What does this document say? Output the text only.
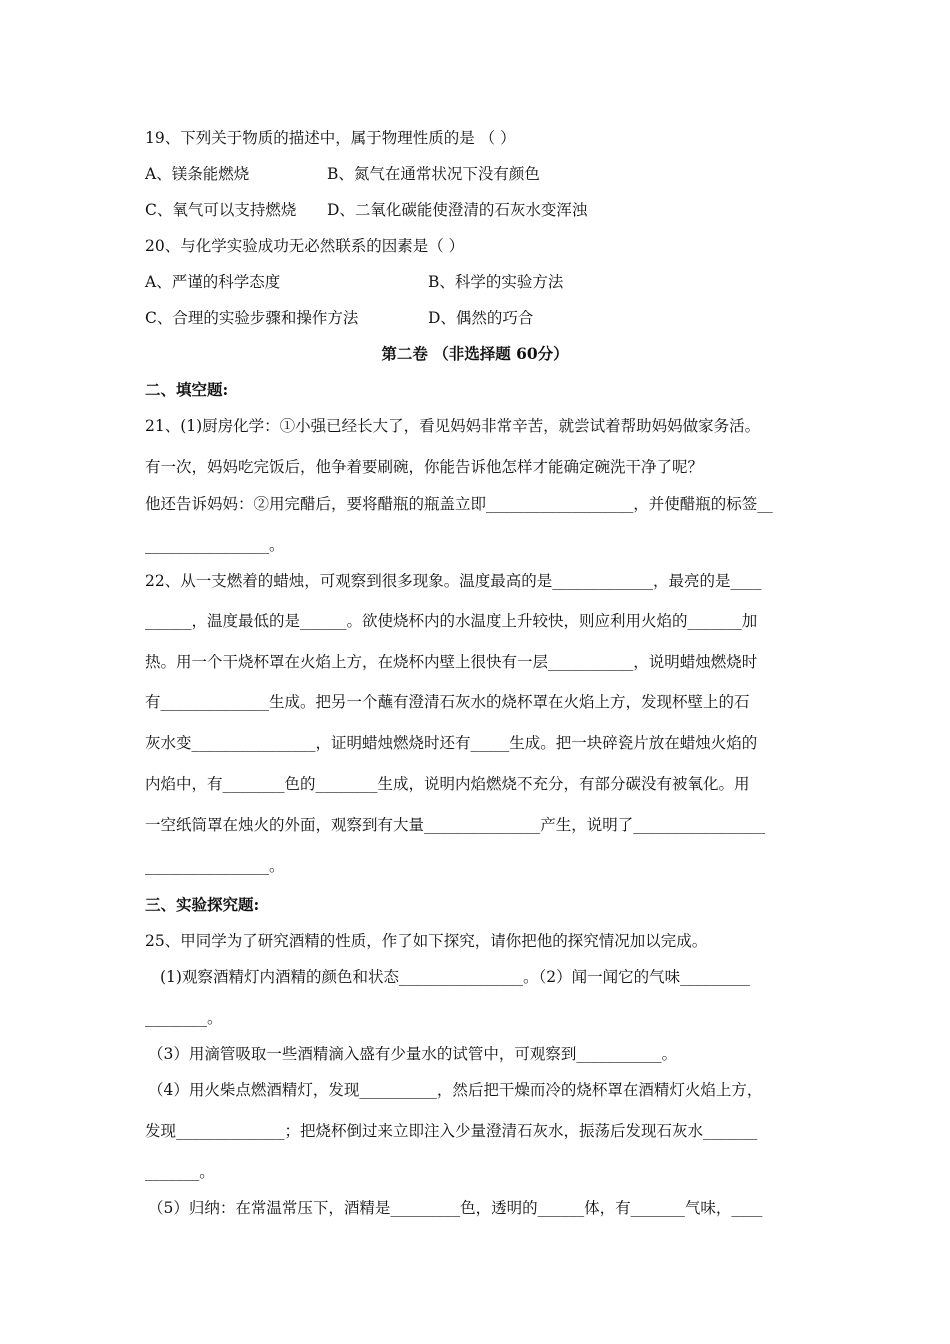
19、下列关于物质的描述中，属于物理性质的是 （ ）
A、镁条能燃烧	B、氮气在通常状况下没有颜色
C、氧气可以支持燃烧 D、二氧化碳能使澄清的石灰水变浑浊
20、与化学实验成功无必然联系的因素是（ ）
A、严谨的科学态度	B、科学的实验方法
C、合理的实验步骤和操作方法	D、偶然的巧合
第二卷 （非选择题 60分）
二、填空题:
21、(1)厨房化学：①小强已经长大了，看见妈妈非常辛苦，就尝试着帮助妈妈做家务活。
有一次，妈妈吃完饭后，他争着要刷碗，你能告诉他怎样才能确定碗洗干净了呢？
他还告诉妈妈：②用完醋后，要将醋瓶的瓶盖立即___________________，并使醋瓶的标签__
________________。
22、从一支燃着的蜡烛，可观察到很多现象。温度最高的是_____________，最亮的是____
______，温度最低的是______。欲使烧杯内的水温度上升较快，则应利用火焰的_______加
热。用一个干烧杯罩在火焰上方，在烧杯内壁上很快有一层___________，说明蜡烛燃烧时
有______________生成。把另一个蘸有澄清石灰水的烧杯罩在火焰上方，发现杯壁上的石
灰水变________________，证明蜡烛燃烧时还有_____生成。把一块碎瓷片放在蜡烛火焰的
内焰中，有________色的________生成，说明内焰燃烧不充分，有部分碳没有被氧化。用
一空纸筒罩在烛火的外面，观察到有大量_______________产生，说明了_________________
________________。
三、实验探究题:
25、甲同学为了研究酒精的性质，作了如下探究，请你把他的探究情况加以完成。
(1)观察酒精灯内酒精的颜色和状态________________。（2）闻一闻它的气味_________
________。
（3）用滴管吸取一些酒精滴入盛有少量水的试管中，可观察到___________。
（4）用火柴点燃酒精灯，发现__________，然后把干燥而冷的烧杯罩在酒精灯火焰上方，
发现______________；把烧杯倒过来立即注入少量澄清石灰水，振荡后发现石灰水_______
_______。
（5）归纳：在常温常压下，酒精是_________色，透明的______体，有_______气味，____
